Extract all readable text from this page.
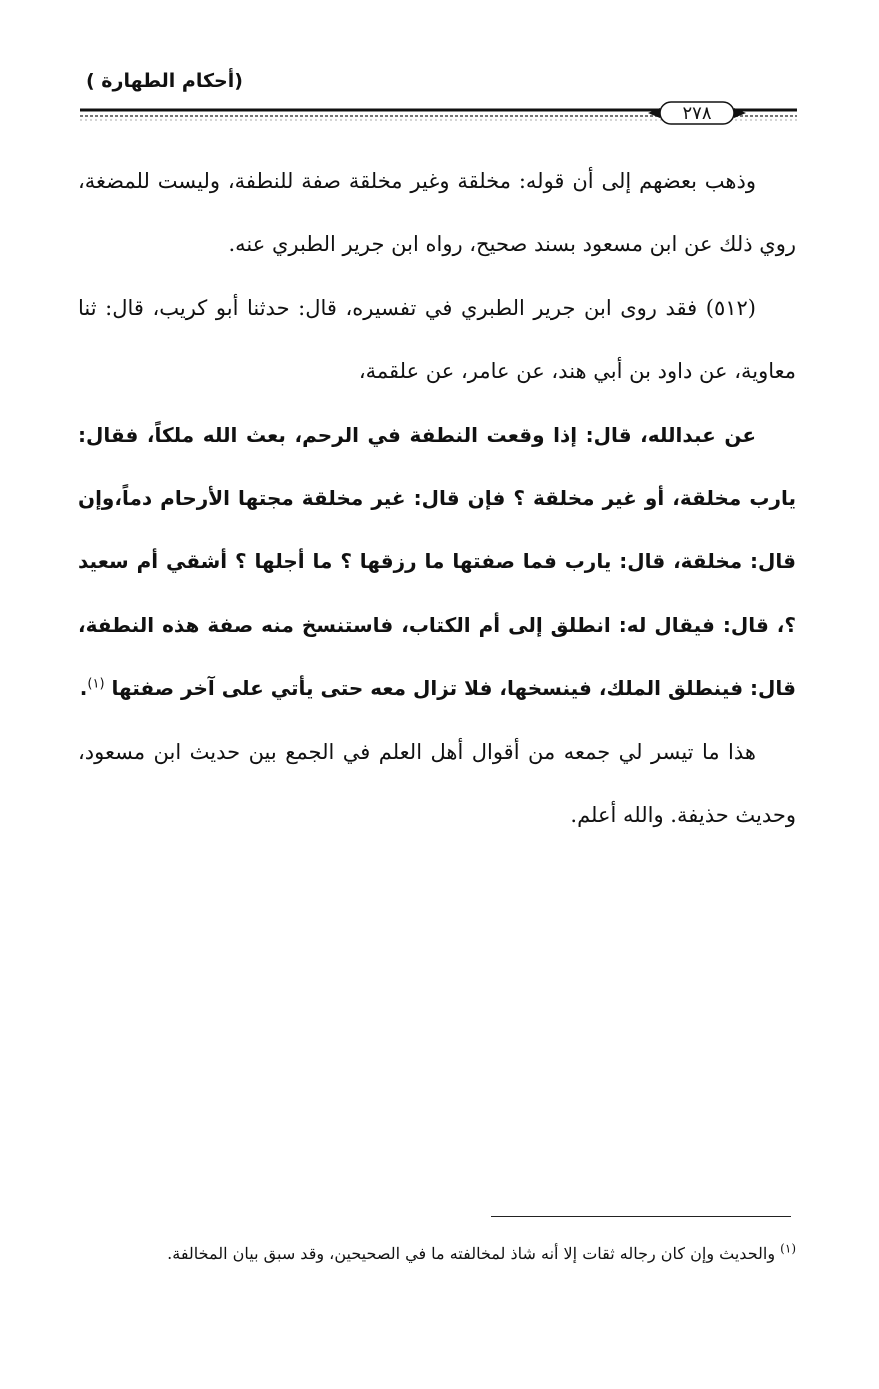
(أحكام الطهارة )
٢٧٨

وذهب بعضهم إلى أن قوله: مخلقة وغير مخلقة صفة للنطفة، وليست للمضغة، روي ذلك عن ابن مسعود بسند صحيح، رواه ابن جرير الطبري عنه.

(٥١٢) فقد روى ابن جرير الطبري في تفسيره، قال: حدثنا أبو كريب، قال: ثنا معاوية، عن داود بن أبي هند، عن عامر، عن علقمة،

عن عبدالله، قال: إذا وقعت النطفة في الرحم، بعث الله ملكاً، فقال: يارب مخلقة، أو غير مخلقة ؟ فإن قال: غير مخلقة مجتها الأرحام دماً،وإن قال: مخلقة، قال: يارب فما صفتها ما رزقها ؟ ما أجلها ؟ أشقي أم سعيد ؟، قال: فيقال له: انطلق إلى أم الكتاب، فاستنسخ منه صفة هذه النطفة، قال: فينطلق الملك، فينسخها، فلا تزال معه حتى يأتي على آخر صفتها $^{(١)}$.

هذا ما تيسر لي جمعه من أقوال أهل العلم في الجمع بين حديث ابن مسعود، وحديث حذيفة. والله أعلم.

$^{(١)}$ والحديث وإن كان رجاله ثقات إلا أنه شاذ لمخالفته ما في الصحيحين، وقد سبق بيان المخالفة.
